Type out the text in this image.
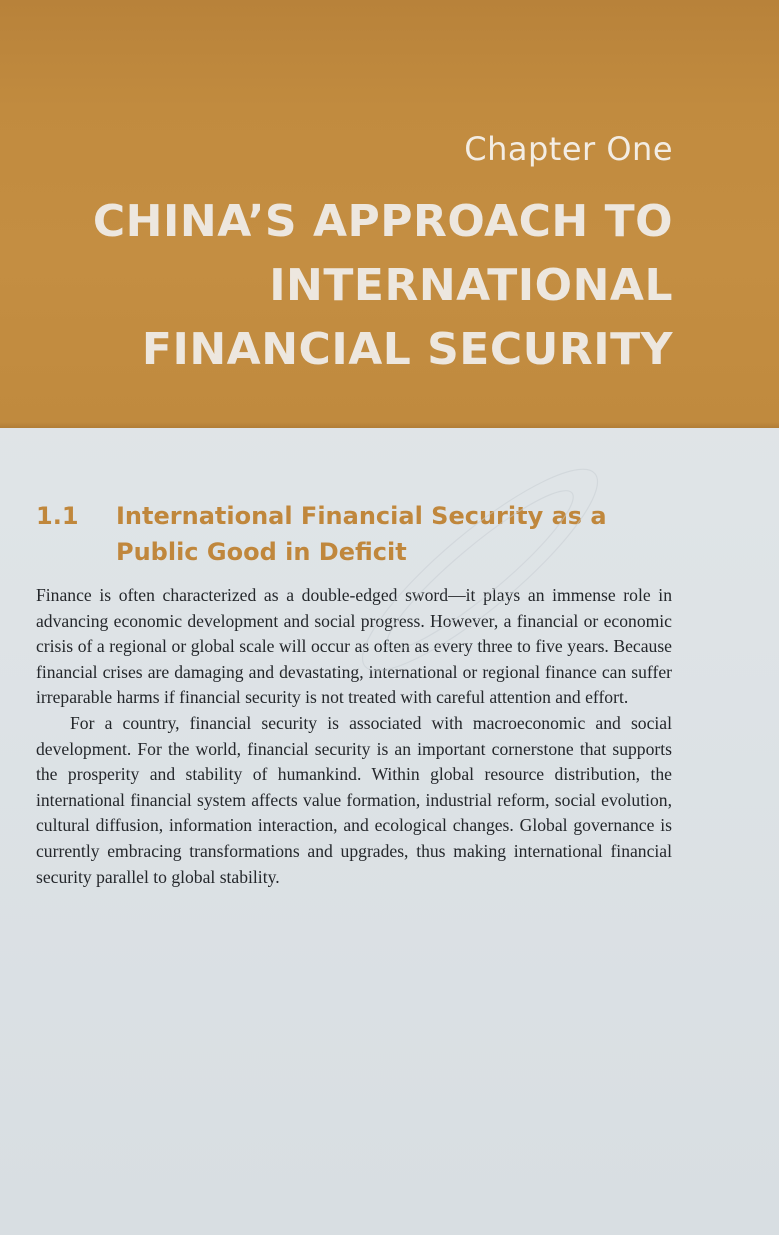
Chapter One
CHINA’S APPROACH TO INTERNATIONAL FINANCIAL SECURITY
1.1 International Financial Security as a Public Good in Deficit

Finance is often characterized as a double-edged sword—it plays an immense role in advancing economic development and social progress. However, a financial or economic crisis of a regional or global scale will occur as often as every three to five years. Because financial crises are damaging and devastating, international or regional finance can suffer irreparable harms if financial security is not treated with careful attention and effort.

For a country, financial security is associated with macroeconomic and social development. For the world, financial security is an important cornerstone that supports the prosperity and stability of humankind. Within global resource distribution, the international financial system affects value formation, industrial reform, social evolution, cultural diffusion, information interaction, and ecological changes. Global governance is currently embracing transformations and upgrades, thus making international financial security parallel to global stability.
